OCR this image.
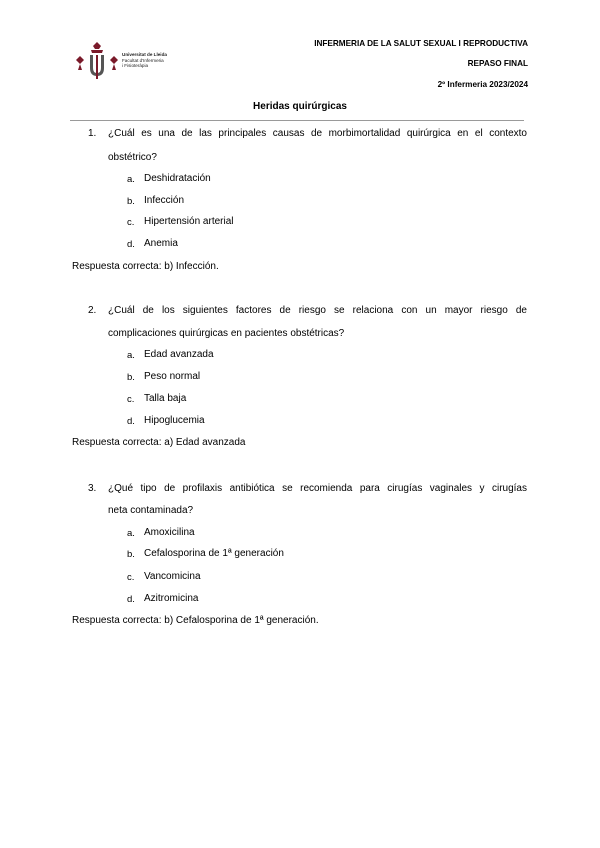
Universitat de Lleida
Facultat d'Infermeria
i Fisioteràpia
INFERMERIA DE LA SALUT SEXUAL I REPRODUCTIVA
REPASO FINAL
2º Infermeria 2023/2024
Heridas quirúrgicas
1. ¿Cuál es una de las principales causas de morbimortalidad quirúrgica en el contexto
obstétrico?
a. Deshidratación
b. Infección
c. Hipertensión arterial
d. Anemia
Respuesta correcta: b) Infección.
2. ¿Cuál de los siguientes factores de riesgo se relaciona con un mayor riesgo de
complicaciones quirúrgicas en pacientes obstétricas?
a. Edad avanzada
b. Peso normal
c. Talla baja
d. Hipoglucemia
Respuesta correcta: a) Edad avanzada
3. ¿Qué tipo de profilaxis antibiótica se recomienda para cirugías vaginales y cirugías
neta contaminada?
a. Amoxicilina
b. Cefalosporina de 1ª generación
c. Vancomicina
d. Azitromicina
Respuesta correcta: b) Cefalosporina de 1ª generación.
